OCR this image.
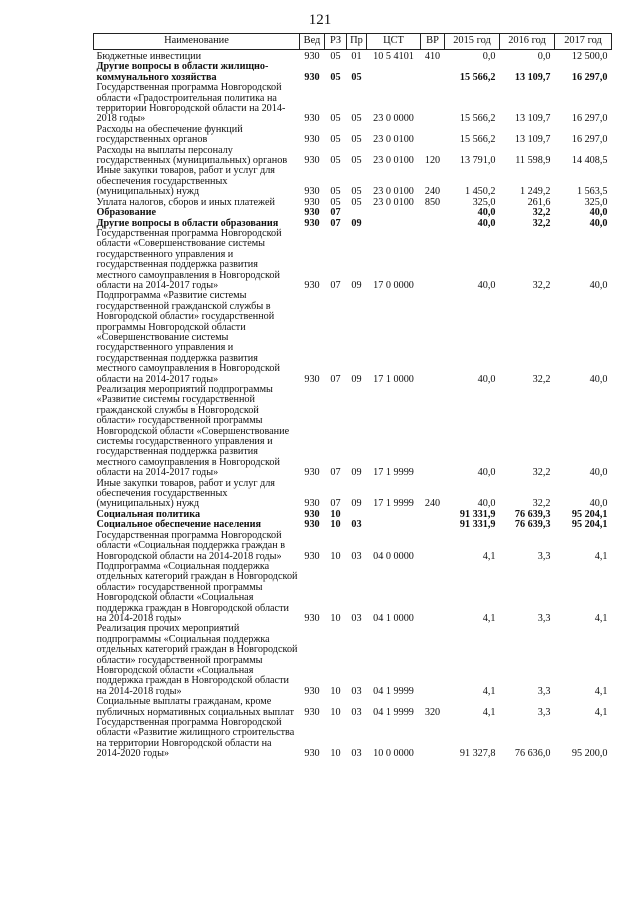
121
Наименование	Вед	РЗ	Пр	ЦСТ	ВР	2015 год	2016 год	2017 год
Бюджетные инвестиции	930	05	01	10 5 4101	410	0,0	0,0	12 500,0
Другие вопросы в области жилищно-коммунального хозяйства	930	05	05			15 566,2	13 109,7	16 297,0
Государственная программа Новгородской области «Градостроительная политика на территории Новгородской области на 2014-2018 годы»	930	05	05	23 0 0000		15 566,2	13 109,7	16 297,0
Расходы на обеспечение функций государственных органов	930	05	05	23 0 0100		15 566,2	13 109,7	16 297,0
Расходы на выплаты персоналу государственных (муниципальных) органов	930	05	05	23 0 0100	120	13 791,0	11 598,9	14 408,5
Иные закупки товаров, работ и услуг для обеспечения государственных (муниципальных) нужд	930	05	05	23 0 0100	240	1 450,2	1 249,2	1 563,5
Уплата налогов, сборов и иных платежей	930	05	05	23 0 0100	850	325,0	261,6	325,0
Образование	930	07				40,0	32,2	40,0
Другие вопросы в области образования	930	07	09			40,0	32,2	40,0
Государственная программа Новгородской области «Совершенствование системы государственного управления и государственная поддержка развития местного самоуправления в Новгородской области на 2014-2017 годы»	930	07	09	17 0 0000		40,0	32,2	40,0
Подпрограмма «Развитие системы государственной гражданской службы в Новгородской области» государственной программы Новгородской области «Совершенствование системы государственного управления и государственная поддержка развития местного самоуправления в Новгородской области на 2014-2017 годы»	930	07	09	17 1 0000		40,0	32,2	40,0
Реализация мероприятий подпрограммы «Развитие системы государственной гражданской службы в Новгородской области» государственной программы Новгородской области «Совершенствование системы государственного управления и государственная поддержка развития местного самоуправления в Новгородской области на 2014-2017 годы»	930	07	09	17 1 9999		40,0	32,2	40,0
Иные закупки товаров, работ и услуг для обеспечения государственных (муниципальных) нужд	930	07	09	17 1 9999	240	40,0	32,2	40,0
Социальная политика	930	10				91 331,9	76 639,3	95 204,1
Социальное обеспечение населения	930	10	03			91 331,9	76 639,3	95 204,1
Государственная программа Новгородской области «Социальная поддержка граждан в Новгородской области на 2014-2018 годы»	930	10	03	04 0 0000		4,1	3,3	4,1
Подпрограмма «Социальная поддержка отдельных категорий граждан в Новгородской области» государственной программы Новгородской области «Социальная поддержка граждан в Новгородской области на 2014-2018 годы»	930	10	03	04 1 0000		4,1	3,3	4,1
Реализация прочих мероприятий подпрограммы «Социальная поддержка отдельных категорий граждан в Новгородской области» государственной программы Новгородской области «Социальная поддержка граждан в Новгородской области на 2014-2018 годы»	930	10	03	04 1 9999		4,1	3,3	4,1
Социальные выплаты гражданам, кроме публичных нормативных социальных выплат	930	10	03	04 1 9999	320	4,1	3,3	4,1
Государственная программа Новгородской области «Развитие жилищного строительства на территории Новгородской области на 2014-2020 годы»	930	10	03	10 0 0000		91 327,8	76 636,0	95 200,0
